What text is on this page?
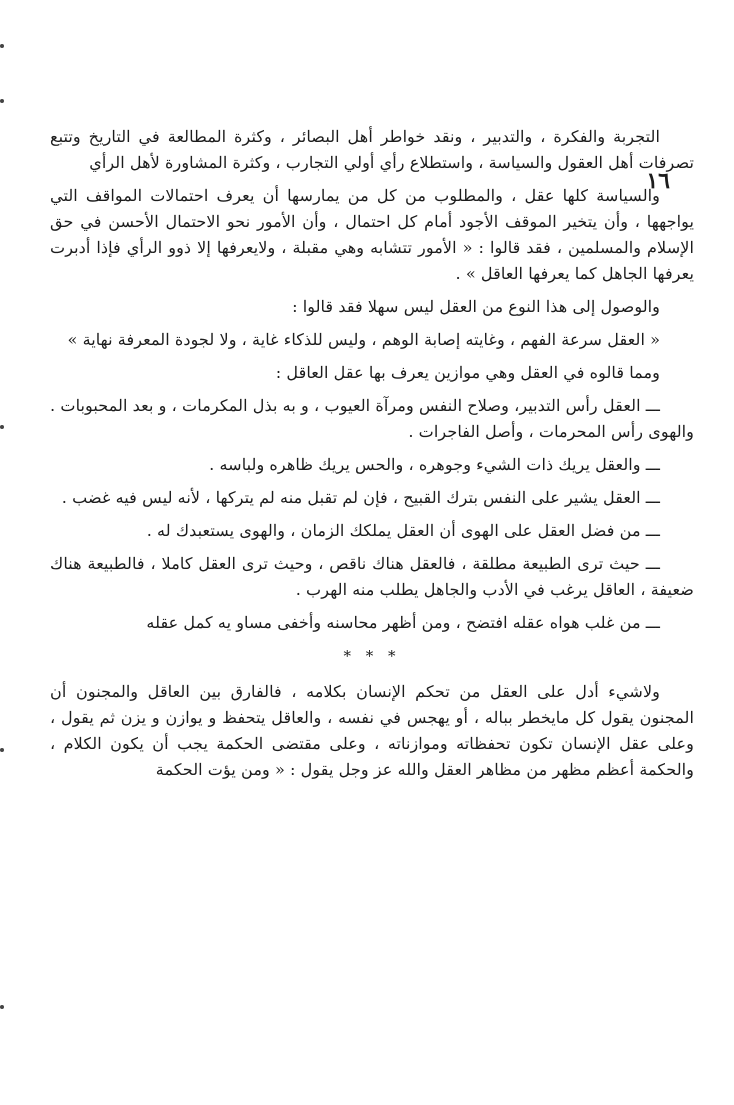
١٦

التجربة والفكرة ، والتدبير ، ونقد خواطر أهل البصائر ، وكثرة المطالعة في التاريخ وتتبع تصرفات أهل العقول والسياسة ، واستطلاع رأي أولي التجارب ، وكثرة المشاورة لأهل الرأي

والسياسة كلها عقل ، والمطلوب من كل من يمارسها أن يعرف احتمالات المواقف التي يواجهها ، وأن يتخير الموقف الأجود أمام كل احتمال ، وأن الأمور نحو الاحتمال الأحسن في حق الإسلام والمسلمين ، فقد قالوا : « الأمور تتشابه وهي مقبلة ، ولايعرفها إلا ذوو الرأي فإذا أدبرت يعرفها الجاهل كما يعرفها العاقل » .

والوصول إلى هذا النوع من العقل ليس سهلا فقد قالوا :

« العقل سرعة الفهم ، وغايته إصابة الوهم ، وليس للذكاء غاية ، ولا لجودة المعرفة نهاية »

ومما قالوه في العقل وهي موازين يعرف بها عقل العاقل :

ـــ العقل رأس التدبير، وصلاح النفس ومرآة العيوب ، و به بذل المكرمات ، و بعد المحبوبات . والهوى رأس المحرمات ، وأصل الفاجرات .

ـــ والعقل يريك ذات الشيء وجوهره ، والحس يريك ظاهره ولباسه .

ـــ العقل يشير على النفس بترك القبيح ، فإن لم تقبل منه لم يتركها ، لأنه ليس فيه غضب .

ـــ من فضل العقل على الهوى أن العقل يملكك الزمان ، والهوى يستعبدك له .

ـــ حيث ترى الطبيعة مطلقة ، فالعقل هناك ناقص ، وحيث ترى العقل كاملا ، فالطبيعة هناك ضعيفة ، العاقل يرغب في الأدب والجاهل يطلب منه الهرب .

ـــ من غلب هواه عقله افتضح ، ومن أظهر محاسنه وأخفى مساو يه كمل عقله

* * *

ولاشيء أدل على العقل من تحكم الإنسان بكلامه ، فالفارق بين العاقل والمجنون أن المجنون يقول كل مايخطر بباله ، أو يهجس في نفسه ، والعاقل يتحفظ و يوازن و يزن ثم يقول ، وعلى عقل الإنسان تكون تحفظاته وموازناته ، وعلى مقتضى الحكمة يجب أن يكون الكلام ، والحكمة أعظم مظهر من مظاهر العقل والله عز وجل يقول : « ومن يؤت الحكمة
